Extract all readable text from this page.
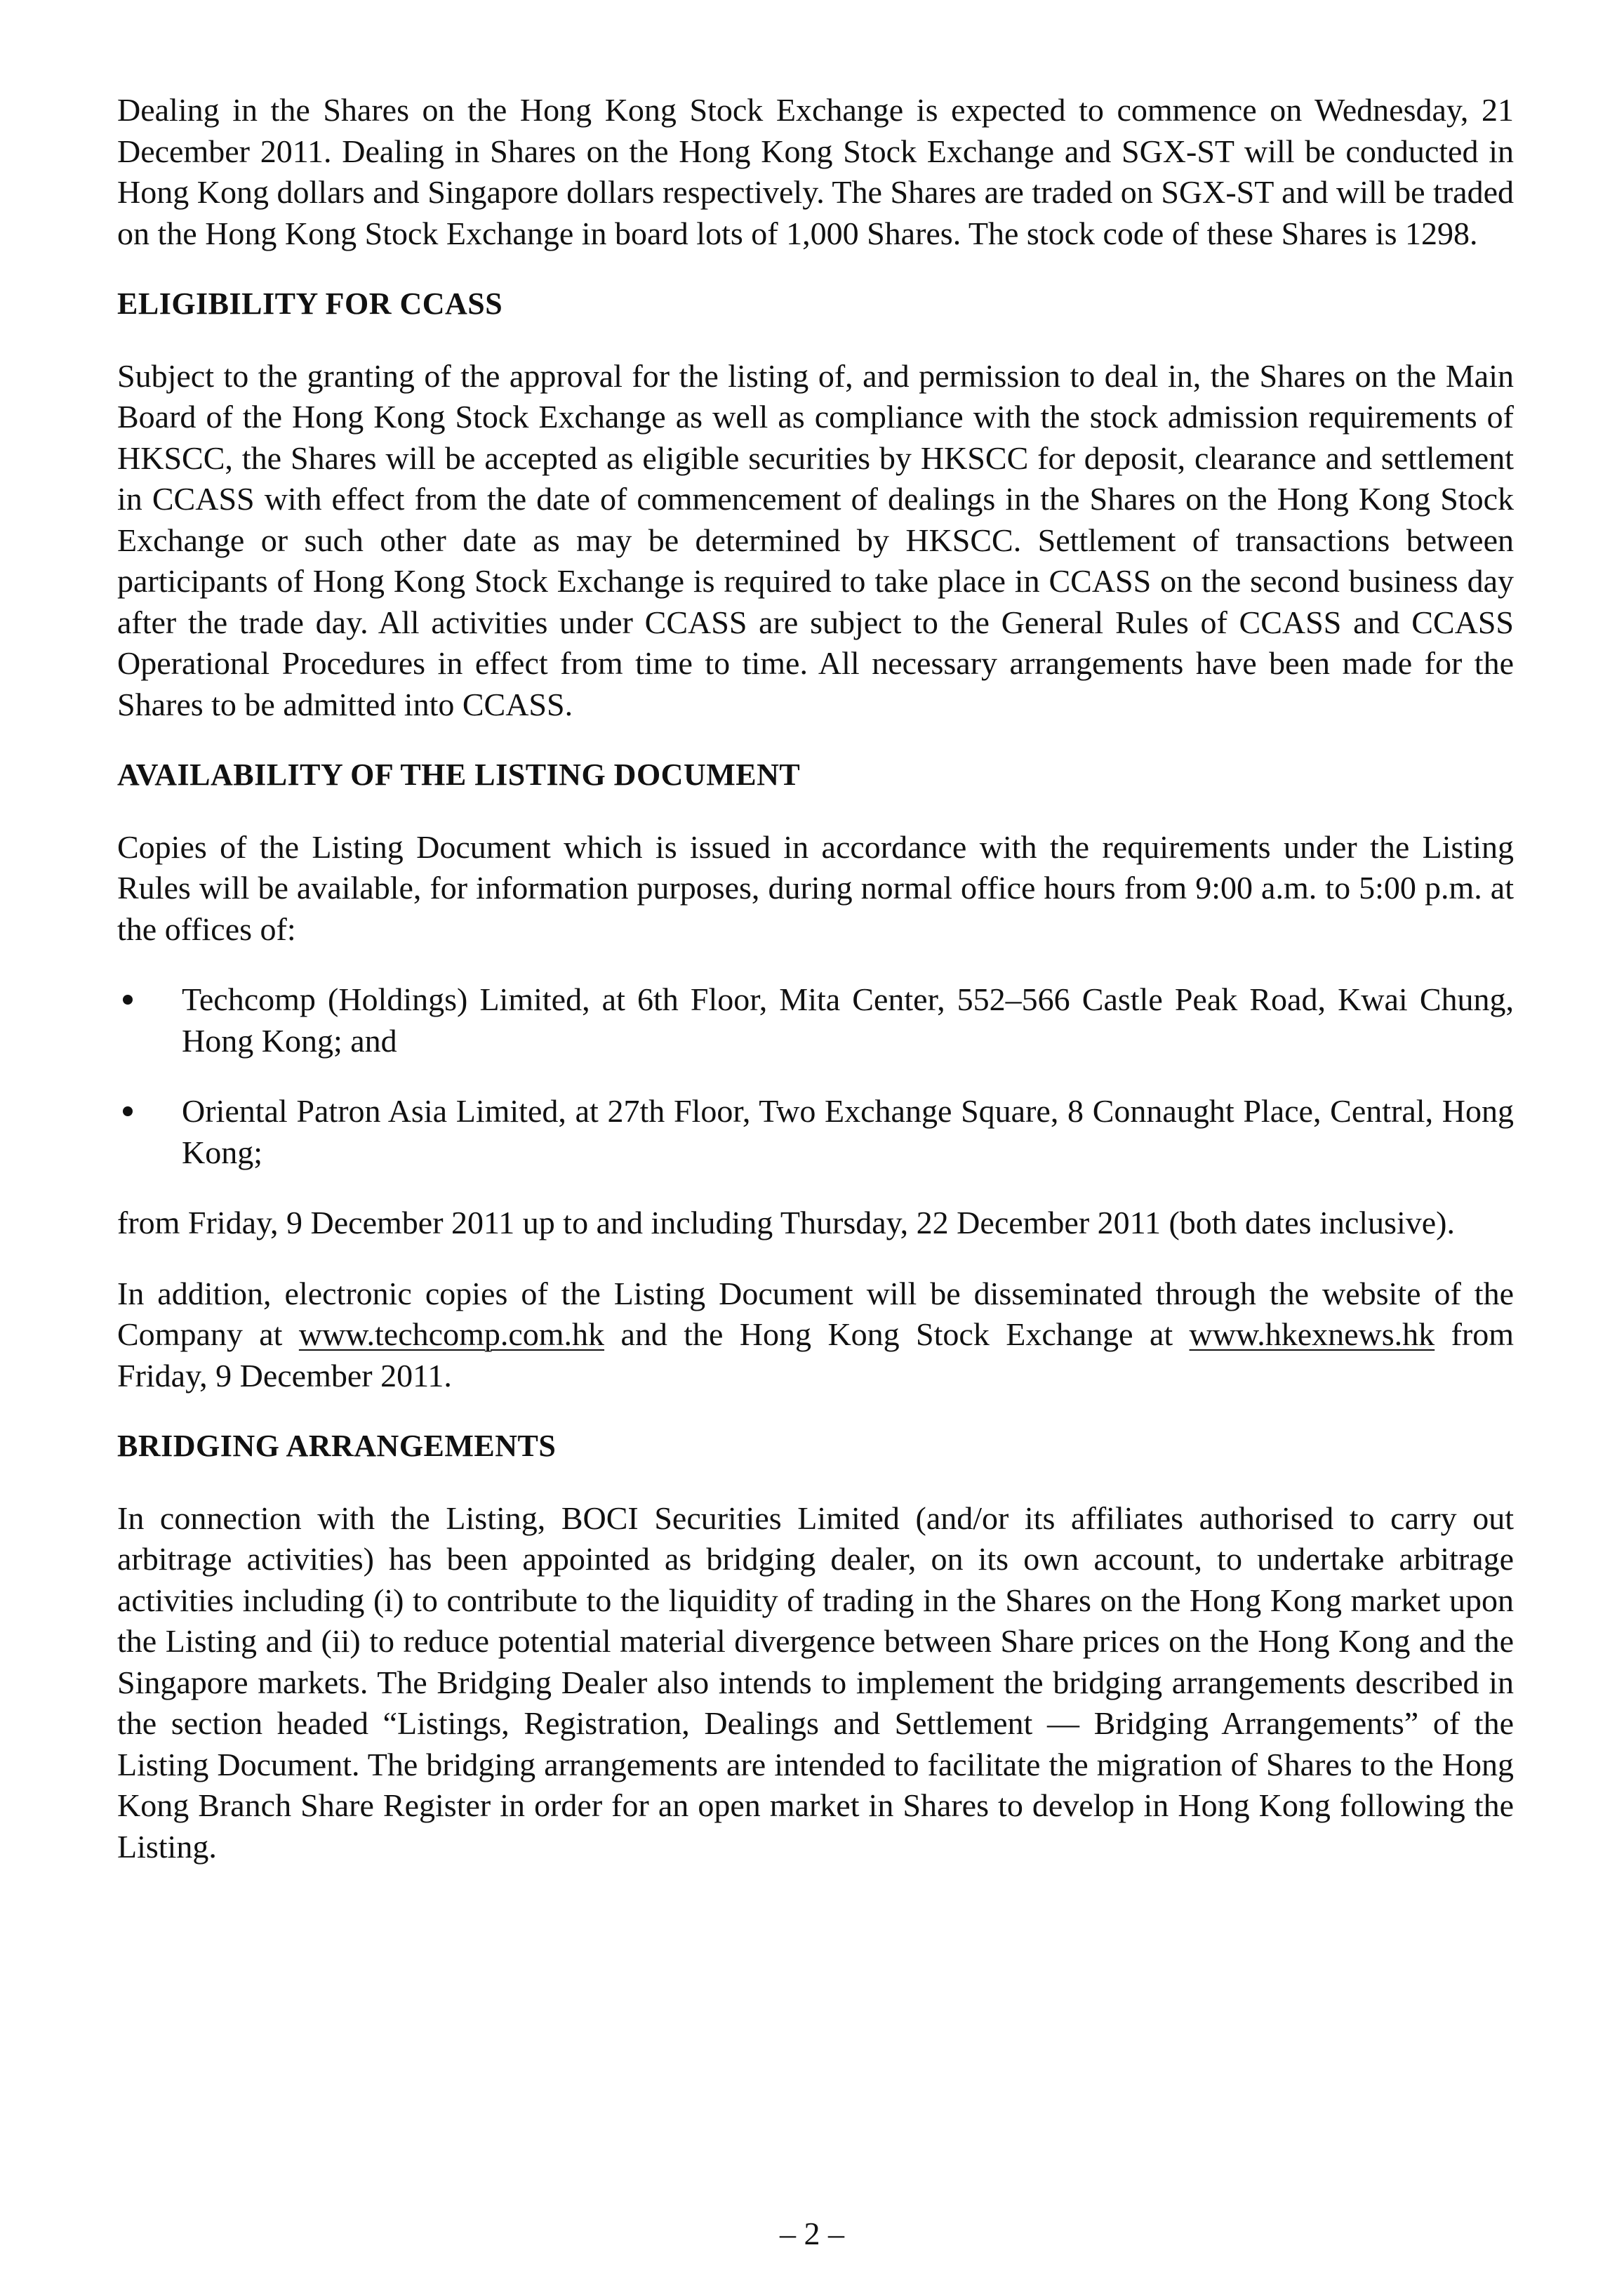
Dealing in the Shares on the Hong Kong Stock Exchange is expected to commence on Wednesday, 21 December 2011. Dealing in Shares on the Hong Kong Stock Exchange and SGX-ST will be conducted in Hong Kong dollars and Singapore dollars respectively. The Shares are traded on SGX-ST and will be traded on the Hong Kong Stock Exchange in board lots of 1,000 Shares. The stock code of these Shares is 1298.

ELIGIBILITY FOR CCASS

Subject to the granting of the approval for the listing of, and permission to deal in, the Shares on the Main Board of the Hong Kong Stock Exchange as well as compliance with the stock admission requirements of HKSCC, the Shares will be accepted as eligible securities by HKSCC for deposit, clearance and settlement in CCASS with effect from the date of commencement of dealings in the Shares on the Hong Kong Stock Exchange or such other date as may be determined by HKSCC. Settlement of transactions between participants of Hong Kong Stock Exchange is required to take place in CCASS on the second business day after the trade day. All activities under CCASS are subject to the General Rules of CCASS and CCASS Operational Procedures in effect from time to time. All necessary arrangements have been made for the Shares to be admitted into CCASS.

AVAILABILITY OF THE LISTING DOCUMENT

Copies of the Listing Document which is issued in accordance with the requirements under the Listing Rules will be available, for information purposes, during normal office hours from 9:00 a.m. to 5:00 p.m. at the offices of:

Techcomp (Holdings) Limited, at 6th Floor, Mita Center, 552–566 Castle Peak Road, Kwai Chung, Hong Kong; and
Oriental Patron Asia Limited, at 27th Floor, Two Exchange Square, 8 Connaught Place, Central, Hong Kong;

from Friday, 9 December 2011 up to and including Thursday, 22 December 2011 (both dates inclusive).

In addition, electronic copies of the Listing Document will be disseminated through the website of the Company at www.techcomp.com.hk and the Hong Kong Stock Exchange at www.hkexnews.hk from Friday, 9 December 2011.

BRIDGING ARRANGEMENTS

In connection with the Listing, BOCI Securities Limited (and/or its affiliates authorised to carry out arbitrage activities) has been appointed as bridging dealer, on its own account, to undertake arbitrage activities including (i) to contribute to the liquidity of trading in the Shares on the Hong Kong market upon the Listing and (ii) to reduce potential material divergence between Share prices on the Hong Kong and the Singapore markets. The Bridging Dealer also intends to implement the bridging arrangements described in the section headed “Listings, Registration, Dealings and Settlement — Bridging Arrangements” of the Listing Document. The bridging arrangements are intended to facilitate the migration of Shares to the Hong Kong Branch Share Register in order for an open market in Shares to develop in Hong Kong following the Listing.

– 2 –
